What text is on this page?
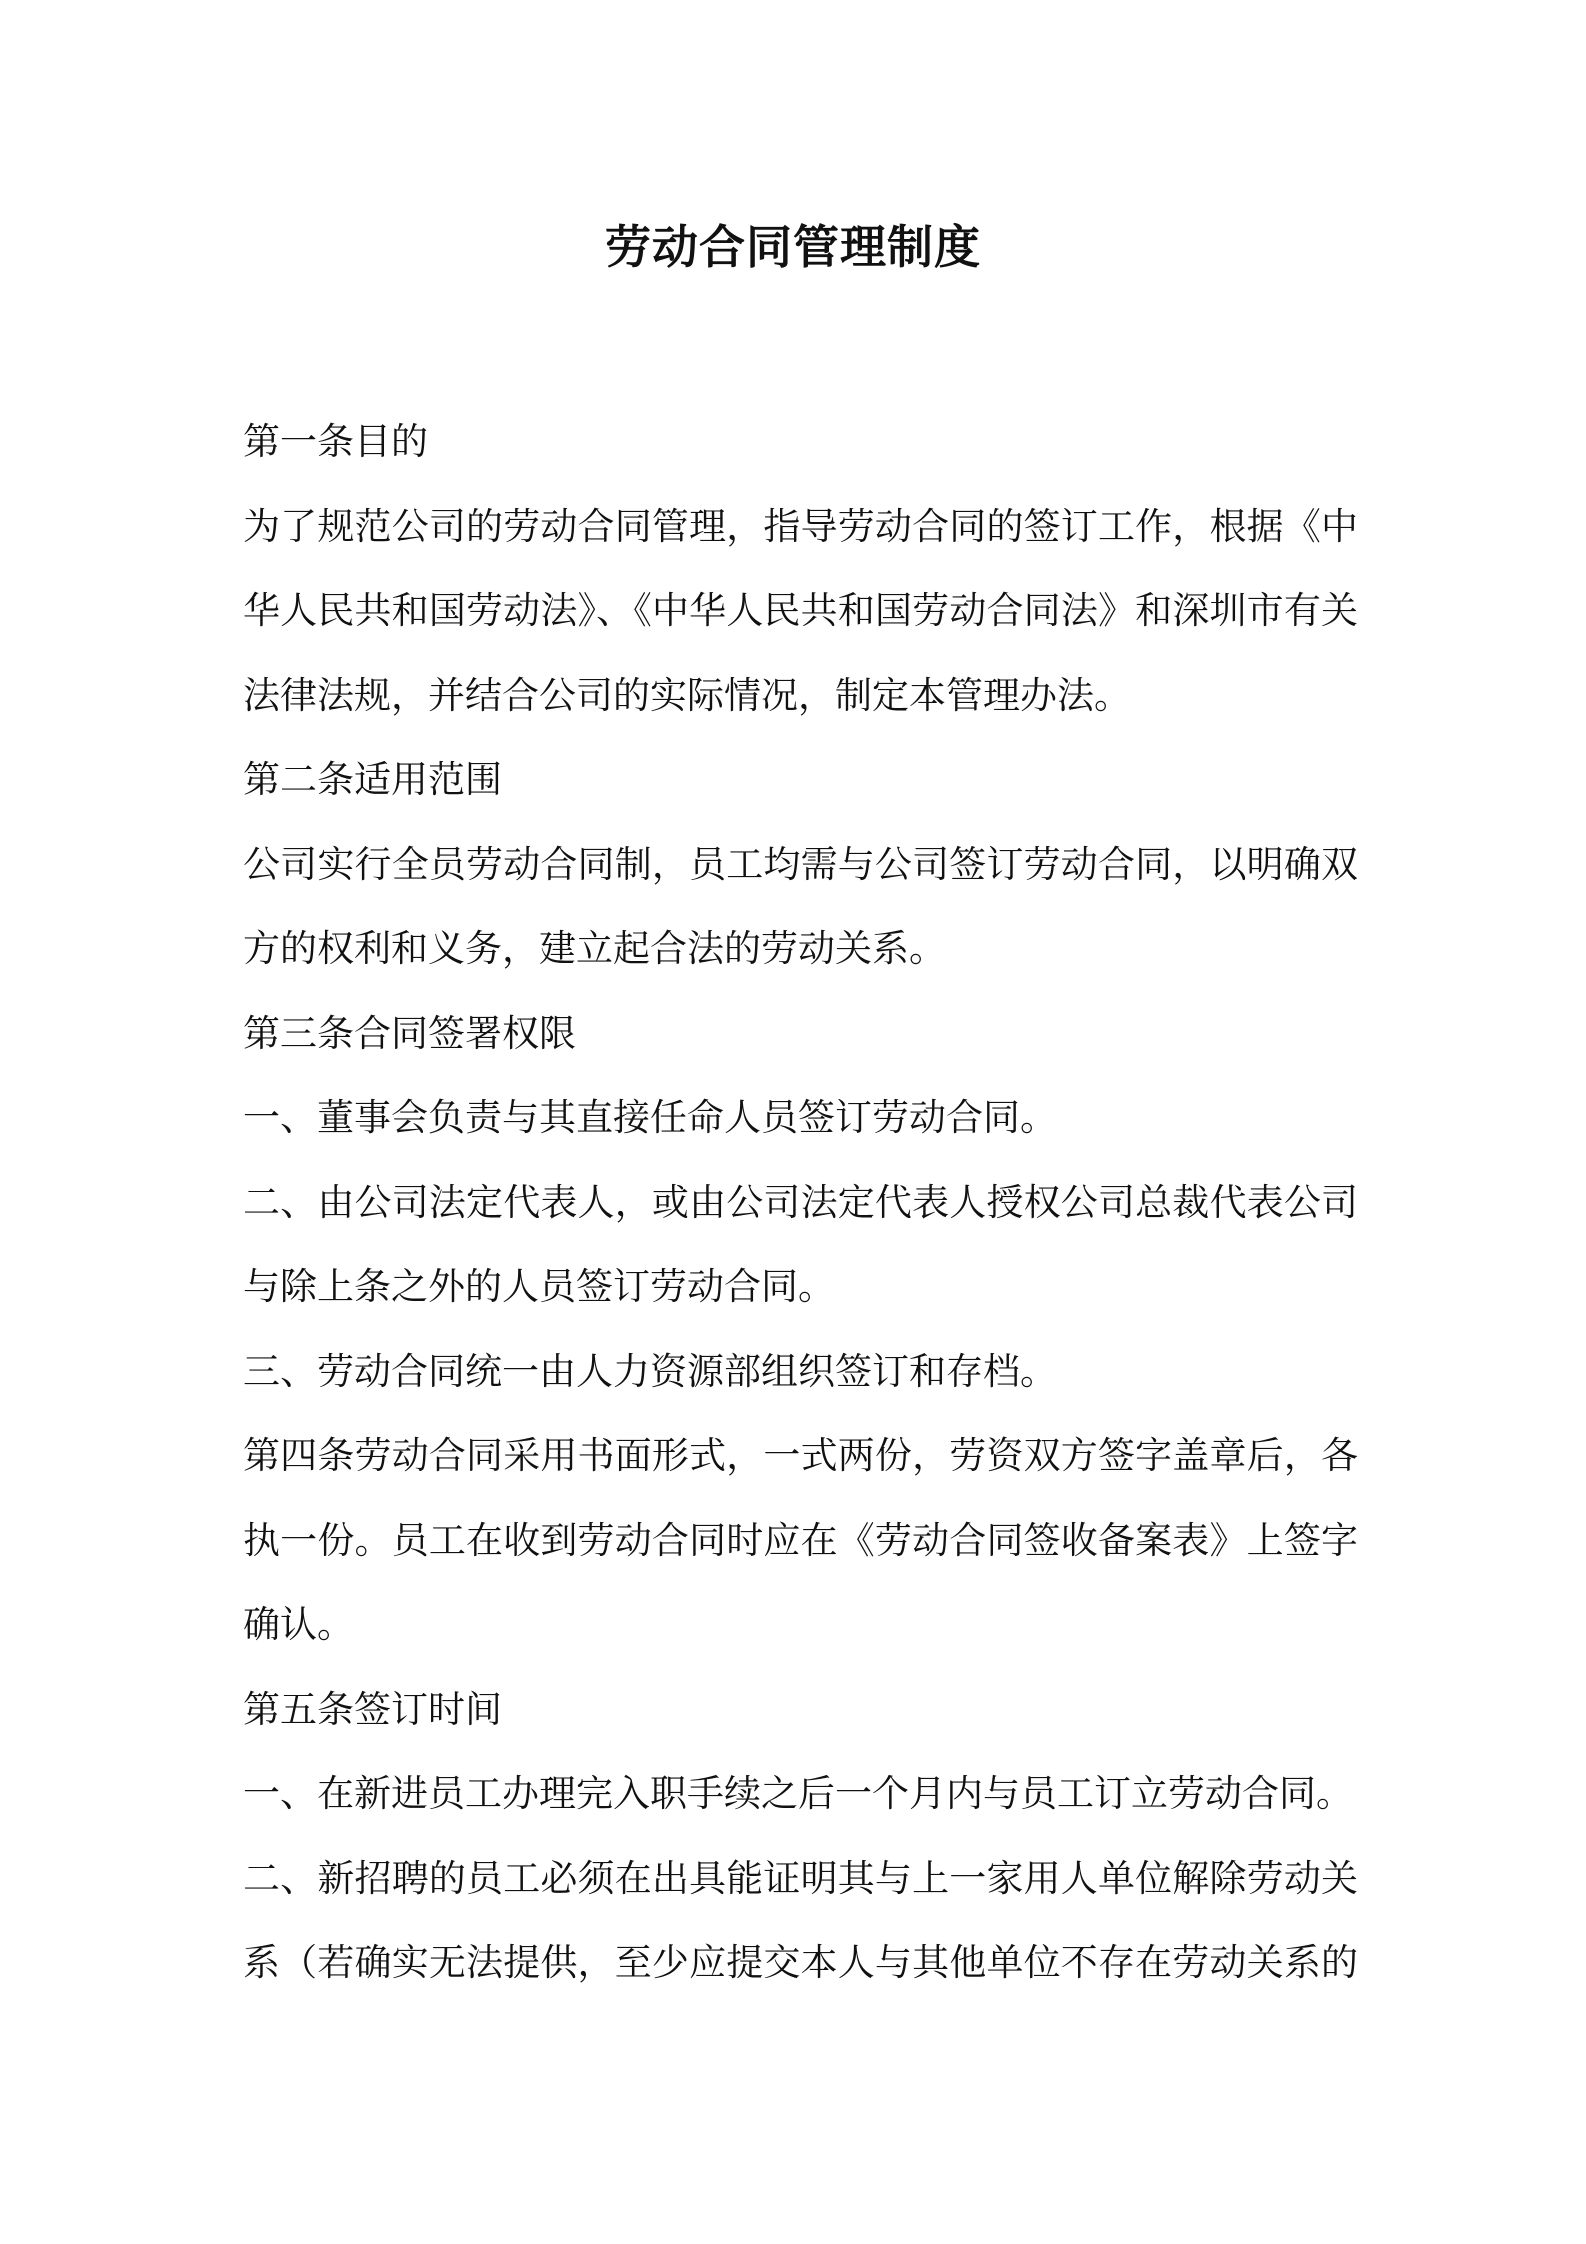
劳动合同管理制度
第一条目的
为了规范公司的劳动合同管理，指导劳动合同的签订工作，根据《中
华人民共和国劳动法》、《中华人民共和国劳动合同法》和深圳市有关
法律法规，并结合公司的实际情况，制定本管理办法。
第二条适用范围
公司实行全员劳动合同制，员工均需与公司签订劳动合同，以明确双
方的权利和义务，建立起合法的劳动关系。
第三条合同签署权限
一、董事会负责与其直接任命人员签订劳动合同。
二、由公司法定代表人，或由公司法定代表人授权公司总裁代表公司
与除上条之外的人员签订劳动合同。
三、劳动合同统一由人力资源部组织签订和存档。
第四条劳动合同采用书面形式，一式两份，劳资双方签字盖章后，各
执一份。员工在收到劳动合同时应在《劳动合同签收备案表》上签字
确认。
第五条签订时间
一、在新进员工办理完入职手续之后一个月内与员工订立劳动合同。
二、新招聘的员工必须在出具能证明其与上一家用人单位解除劳动关
系（若确实无法提供，至少应提交本人与其他单位不存在劳动关系的
